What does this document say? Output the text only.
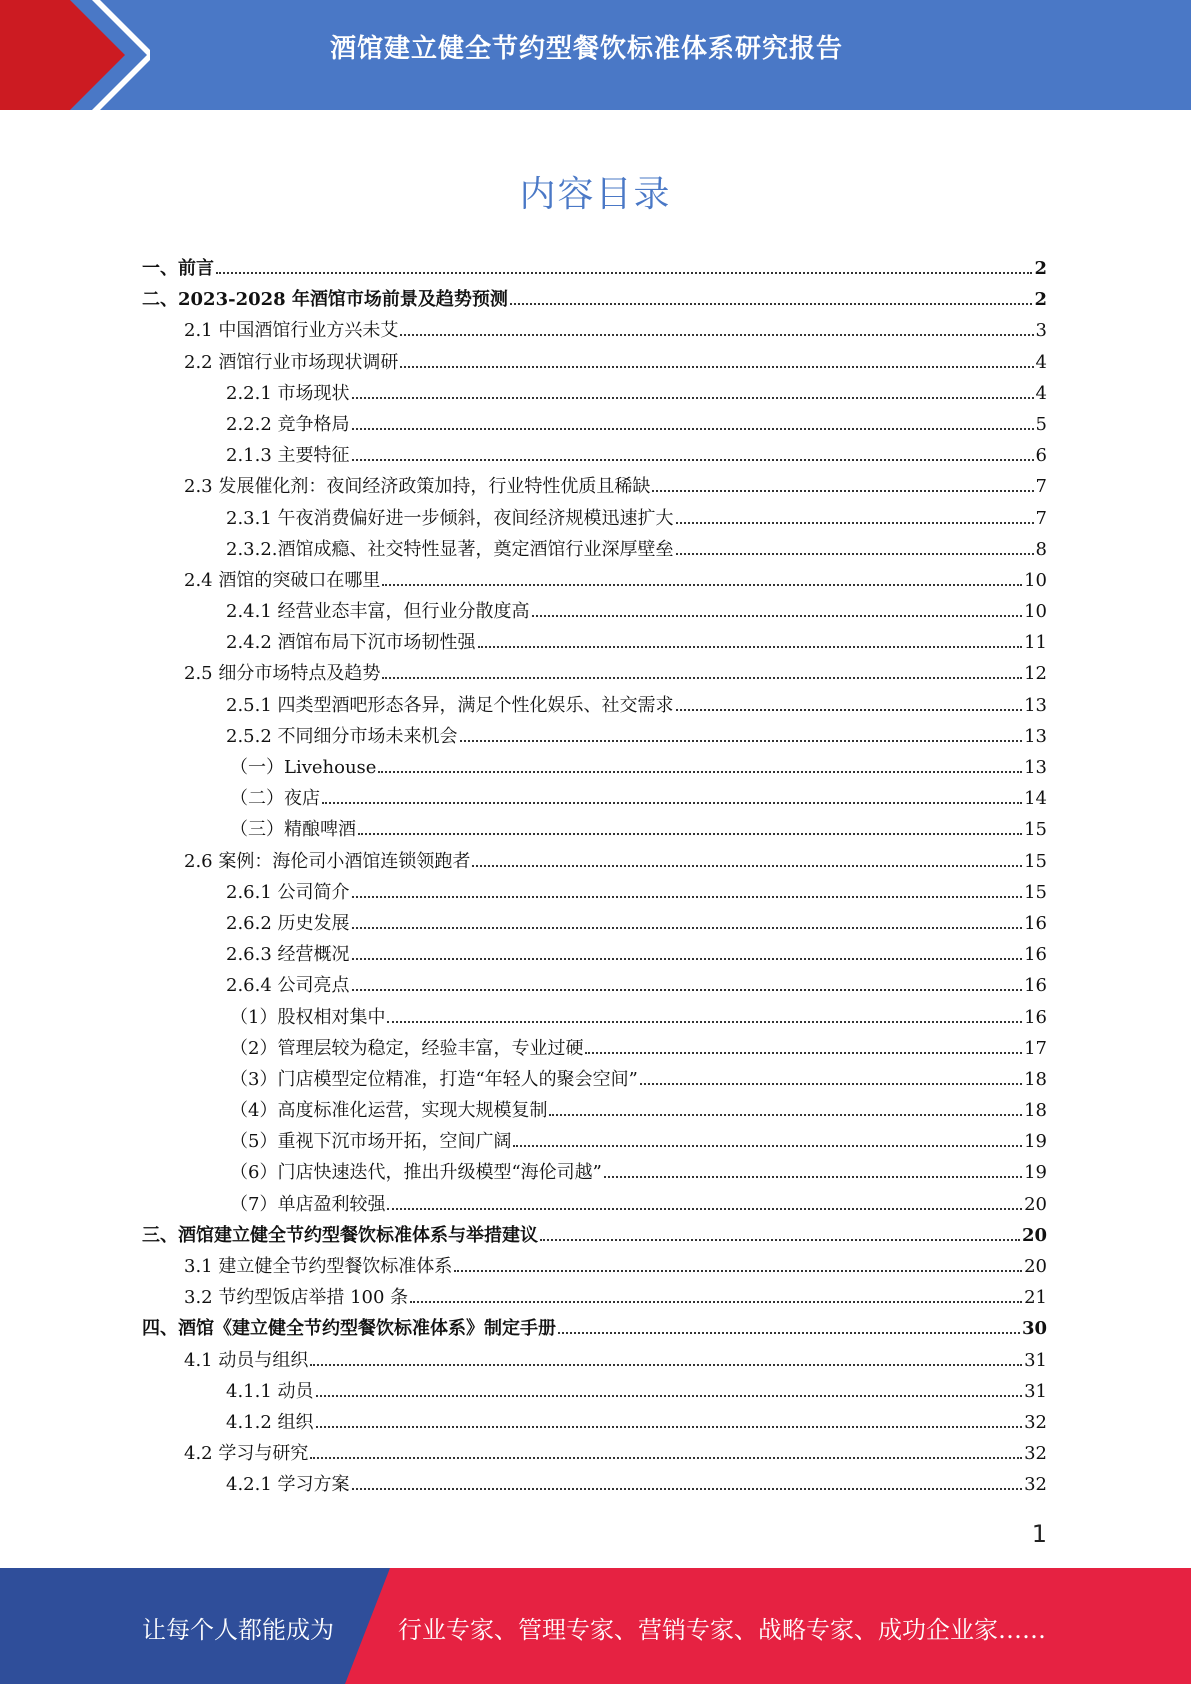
酒馆建立健全节约型餐饮标准体系研究报告
内容目录
一、前言	2
二、2023-2028 年酒馆市场前景及趋势预测	2
2.1 中国酒馆行业方兴未艾	3
2.2 酒馆行业市场现状调研	4
2.2.1 市场现状	4
2.2.2 竞争格局	5
2.1.3 主要特征	6
2.3 发展催化剂：夜间经济政策加持，行业特性优质且稀缺	7
2.3.1 午夜消费偏好进一步倾斜，夜间经济规模迅速扩大	7
2.3.2.酒馆成瘾、社交特性显著，奠定酒馆行业深厚壁垒	8
2.4 酒馆的突破口在哪里	10
2.4.1 经营业态丰富，但行业分散度高	10
2.4.2 酒馆布局下沉市场韧性强	11
2.5 细分市场特点及趋势	12
2.5.1 四类型酒吧形态各异，满足个性化娱乐、社交需求	13
2.5.2 不同细分市场未来机会	13
（一）Livehouse	13
（二）夜店	14
（三）精酿啤酒	15
2.6 案例：海伦司小酒馆连锁领跑者	15
2.6.1 公司简介	15
2.6.2 历史发展	16
2.6.3 经营概况	16
2.6.4 公司亮点	16
（1）股权相对集中	16
（2）管理层较为稳定，经验丰富，专业过硬	17
（3）门店模型定位精准，打造“年轻人的聚会空间”	18
（4）高度标准化运营，实现大规模复制	18
（5）重视下沉市场开拓，空间广阔	19
（6）门店快速迭代，推出升级模型“海伦司越”	19
（7）单店盈利较强	20
三、酒馆建立健全节约型餐饮标准体系与举措建议	20
3.1 建立健全节约型餐饮标准体系	20
3.2 节约型饭店举措 100 条	21
四、酒馆《建立健全节约型餐饮标准体系》制定手册	30
4.1 动员与组织	31
4.1.1 动员	31
4.1.2 组织	32
4.2 学习与研究	32
4.2.1 学习方案	32
1
让每个人都能成为	行业专家、管理专家、营销专家、战略专家、成功企业家……
